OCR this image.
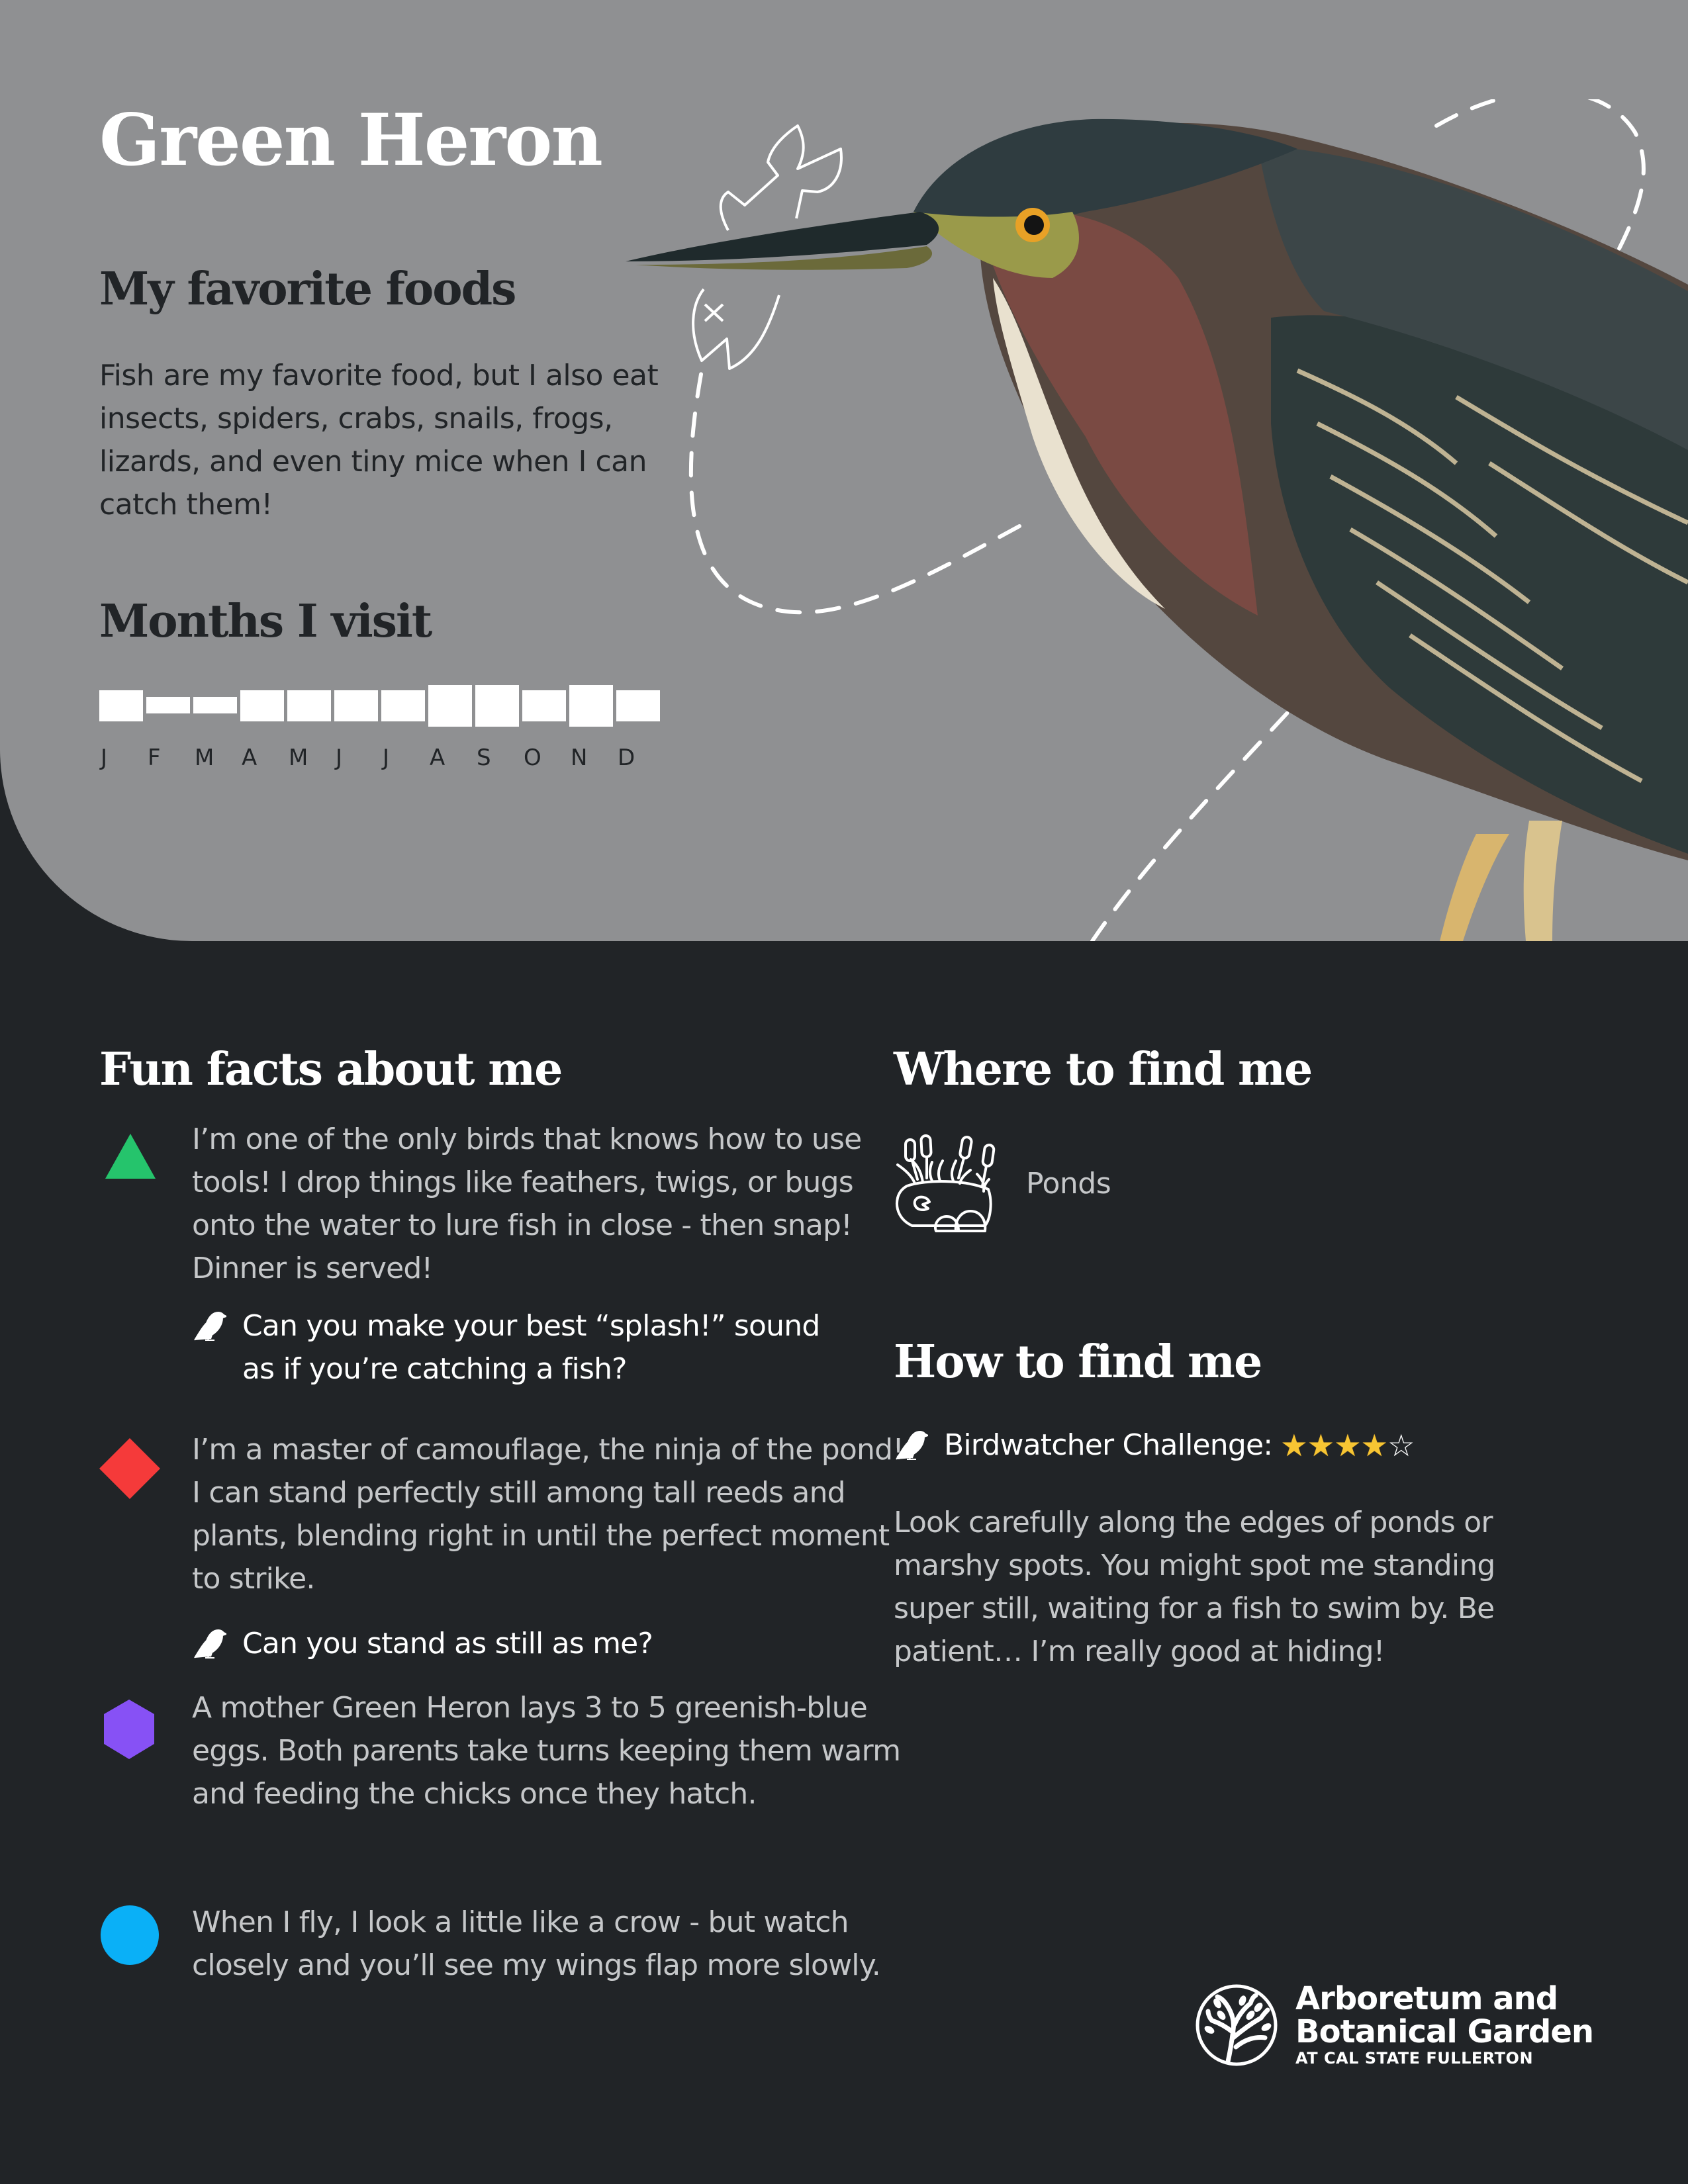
Green Heron
My favorite foods

Fish are my favorite food, but I also eat insects, spiders, crabs, snails, frogs, lizards, and even tiny mice when I can catch them!

Months I visit
J	F	M	A	M	J	J	A	S	O	N	D
Fun facts about me

I’m one of the only birds that knows how to use tools! I drop things like feathers, twigs, or bugs onto the water to lure fish in close - then snap! Dinner is served!

Can you make your best “splash!” sound as if you’re catching a fish?

I’m a master of camouflage, the ninja of the pond! I can stand perfectly still among tall reeds and plants, blending right in until the perfect moment to strike.

Can you stand as still as me?

A mother Green Heron lays 3 to 5 greenish-blue eggs. Both parents take turns keeping them warm and feeding the chicks once they hatch.

When I fly, I look a little like a crow - but watch closely and you’ll see my wings flap more slowly.

Where to find me
Ponds
How to find me
Birdwatcher Challenge: ★ ★ ★ ★ ☆

Look carefully along the edges of ponds or marshy spots. You might spot me standing super still, waiting for a fish to swim by. Be patient… I’m really good at hiding!

Arboretum and
Botanical Garden
AT CAL STATE FULLERTON
